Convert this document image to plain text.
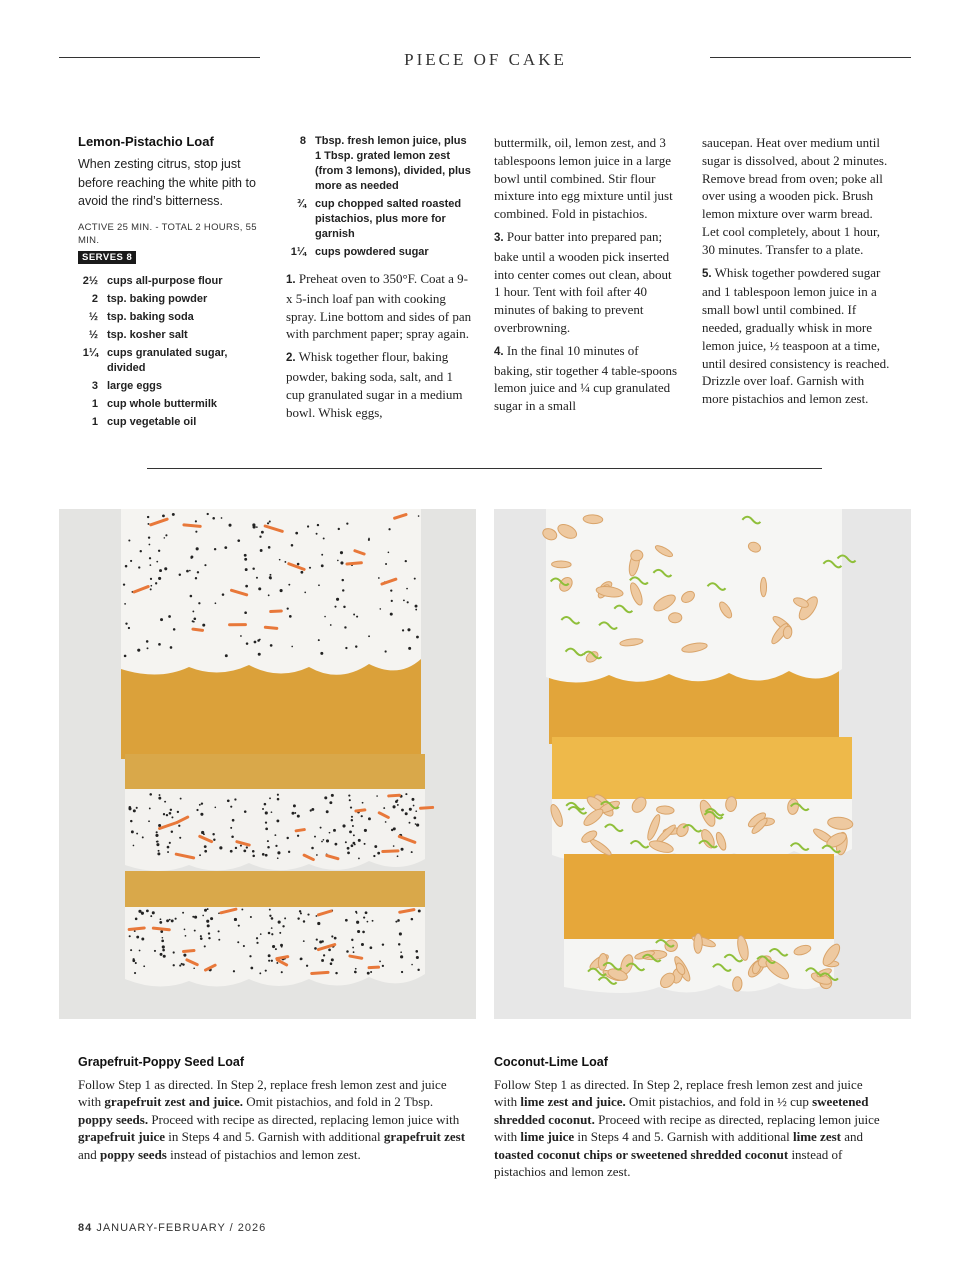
PIECE OF CAKE

Lemon-Pistachio Loaf

When zesting citrus, stop just before reaching the white pith to avoid the rind’s bitterness.

ACTIVE 25 MIN. - TOTAL 2 HOURS, 55 MIN.
SERVES 8
2½ cups all-purpose flour
2 tsp. baking powder
½ tsp. baking soda
½ tsp. kosher salt
1¼ cups granulated sugar, divided
3 large eggs
1 cup whole buttermilk
1 cup vegetable oil
8 Tbsp. fresh lemon juice, plus 1 Tbsp. grated lemon zest (from 3 lemons), divided, plus more as needed
¾ cup chopped salted roasted pistachios, plus more for garnish
1¼ cups powdered sugar

1. Preheat oven to 350°F. Coat a 9- x 5-inch loaf pan with cooking spray. Line bottom and sides of pan with parchment paper; spray again.

2. Whisk together flour, baking powder, baking soda, salt, and 1 cup granulated sugar in a medium bowl. Whisk eggs,

buttermilk, oil, lemon zest, and 3 tablespoons lemon juice in a large bowl until combined. Stir flour mixture into egg mixture until just combined. Fold in pistachios.

3. Pour batter into prepared pan; bake until a wooden pick inserted into center comes out clean, about 1 hour. Tent with foil after 40 minutes of baking to prevent overbrowning.

4. In the final 10 minutes of baking, stir together 4 table-spoons lemon juice and ¼ cup granulated sugar in a small

saucepan. Heat over medium until sugar is dissolved, about 2 minutes. Remove bread from oven; poke all over using a wooden pick. Brush lemon mixture over warm bread. Let cool completely, about 1 hour, 30 minutes. Transfer to a plate.

5. Whisk together powdered sugar and 1 tablespoon lemon juice in a small bowl until combined. If needed, gradually whisk in more lemon juice, ½ teaspoon at a time, until desired consistency is reached. Drizzle over loaf. Garnish with more pistachios and lemon zest.

Grapefruit-Poppy Seed Loaf
Follow Step 1 as directed. In Step 2, replace fresh lemon zest and juice with grapefruit zest and juice. Omit pistachios, and fold in 2 Tbsp. poppy seeds. Proceed with recipe as directed, replacing lemon juice with grapefruit juice in Steps 4 and 5. Garnish with additional grapefruit zest and poppy seeds instead of pistachios and lemon zest.
Coconut-Lime Loaf
Follow Step 1 as directed. In Step 2, replace fresh lemon zest and juice with lime zest and juice. Omit pistachios, and fold in ½ cup sweetened shredded coconut. Proceed with recipe as directed, replacing lemon juice with lime juice in Steps 4 and 5. Garnish with additional lime zest and toasted coconut chips or sweetened shredded coconut instead of pistachios and lemon zest.
84 JANUARY-FEBRUARY / 2026
